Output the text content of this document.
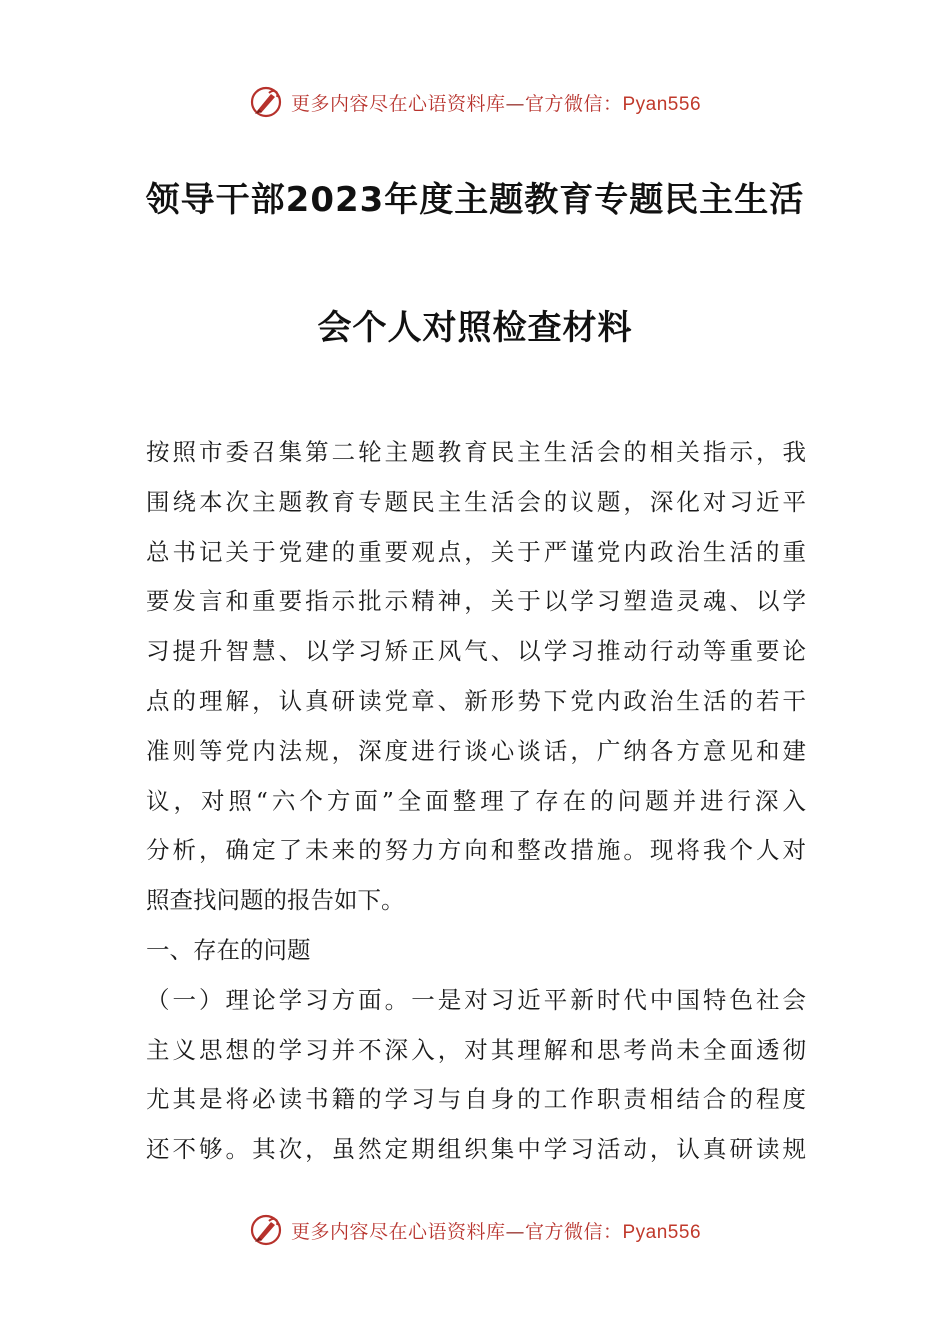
更多内容尽在心语资料库—官方微信：Pyan556
领导干部2023年度主题教育专题民主生活
会个人对照检查材料
按照市委召集第二轮主题教育民主生活会的相关指示，我
围绕本次主题教育专题民主生活会的议题，深化对习近平
总书记关于党建的重要观点，关于严谨党内政治生活的重
要发言和重要指示批示精神，关于以学习塑造灵魂、以学
习提升智慧、以学习矫正风气、以学习推动行动等重要论
点的理解，认真研读党章、新形势下党内政治生活的若干
准则等党内法规，深度进行谈心谈话，广纳各方意见和建
议，对照“六个方面”全面整理了存在的问题并进行深入
分析，确定了未来的努力方向和整改措施。现将我个人对
照查找问题的报告如下。
一、存在的问题
（一）理论学习方面。一是对习近平新时代中国特色社会
主义思想的学习并不深入，对其理解和思考尚未全面透彻
尤其是将必读书籍的学习与自身的工作职责相结合的程度
还不够。其次，虽然定期组织集中学习活动，认真研读规
更多内容尽在心语资料库—官方微信：Pyan556
